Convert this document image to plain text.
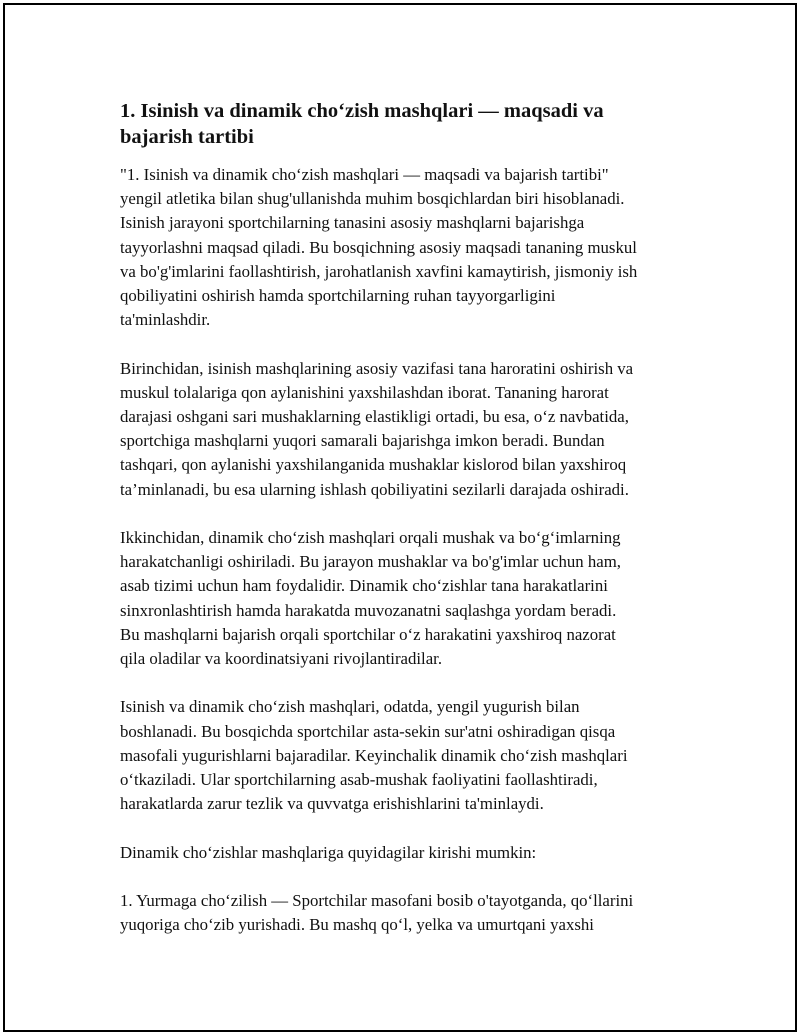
1. Isinish va dinamik cho‘zish mashqlari — maqsadi va
bajarish tartibi

"1. Isinish va dinamik cho‘zish mashqlari — maqsadi va bajarish tartibi"
yengil atletika bilan shug'ullanishda muhim bosqichlardan biri hisoblanadi.
Isinish jarayoni sportchilarning tanasini asosiy mashqlarni bajarishga
tayyorlashni maqsad qiladi. Bu bosqichning asosiy maqsadi tananing muskul
va bo'g'imlarini faollashtirish, jarohatlanish xavfini kamaytirish, jismoniy ish
qobiliyatini oshirish hamda sportchilarning ruhan tayyorgarligini
ta'minlashdir.

Birinchidan, isinish mashqlarining asosiy vazifasi tana haroratini oshirish va
muskul tolalariga qon aylanishini yaxshilashdan iborat. Tananing harorat
darajasi oshgani sari mushaklarning elastikligi ortadi, bu esa, o‘z navbatida,
sportchiga mashqlarni yuqori samarali bajarishga imkon beradi. Bundan
tashqari, qon aylanishi yaxshilanganida mushaklar kislorod bilan yaxshiroq
ta’minlanadi, bu esa ularning ishlash qobiliyatini sezilarli darajada oshiradi.

Ikkinchidan, dinamik cho‘zish mashqlari orqali mushak va bo‘g‘imlarning
harakatchanligi oshiriladi. Bu jarayon mushaklar va bo'g'imlar uchun ham,
asab tizimi uchun ham foydalidir. Dinamik cho‘zishlar tana harakatlarini
sinxronlashtirish hamda harakatda muvozanatni saqlashga yordam beradi.
Bu mashqlarni bajarish orqali sportchilar o‘z harakatini yaxshiroq nazorat
qila oladilar va koordinatsiyani rivojlantiradilar.

Isinish va dinamik cho‘zish mashqlari, odatda, yengil yugurish bilan
boshlanadi. Bu bosqichda sportchilar asta-sekin sur'atni oshiradigan qisqa
masofali yugurishlarni bajaradilar. Keyinchalik dinamik cho‘zish mashqlari
o‘tkaziladi. Ular sportchilarning asab-mushak faoliyatini faollashtiradi,
harakatlarda zarur tezlik va quvvatga erishishlarini ta'minlaydi.

Dinamik cho‘zishlar mashqlariga quyidagilar kirishi mumkin:

1. Yurmaga cho‘zilish — Sportchilar masofani bosib o'tayotganda, qo‘llarini
yuqoriga cho‘zib yurishadi. Bu mashq qo‘l, yelka va umurtqani yaxshi
